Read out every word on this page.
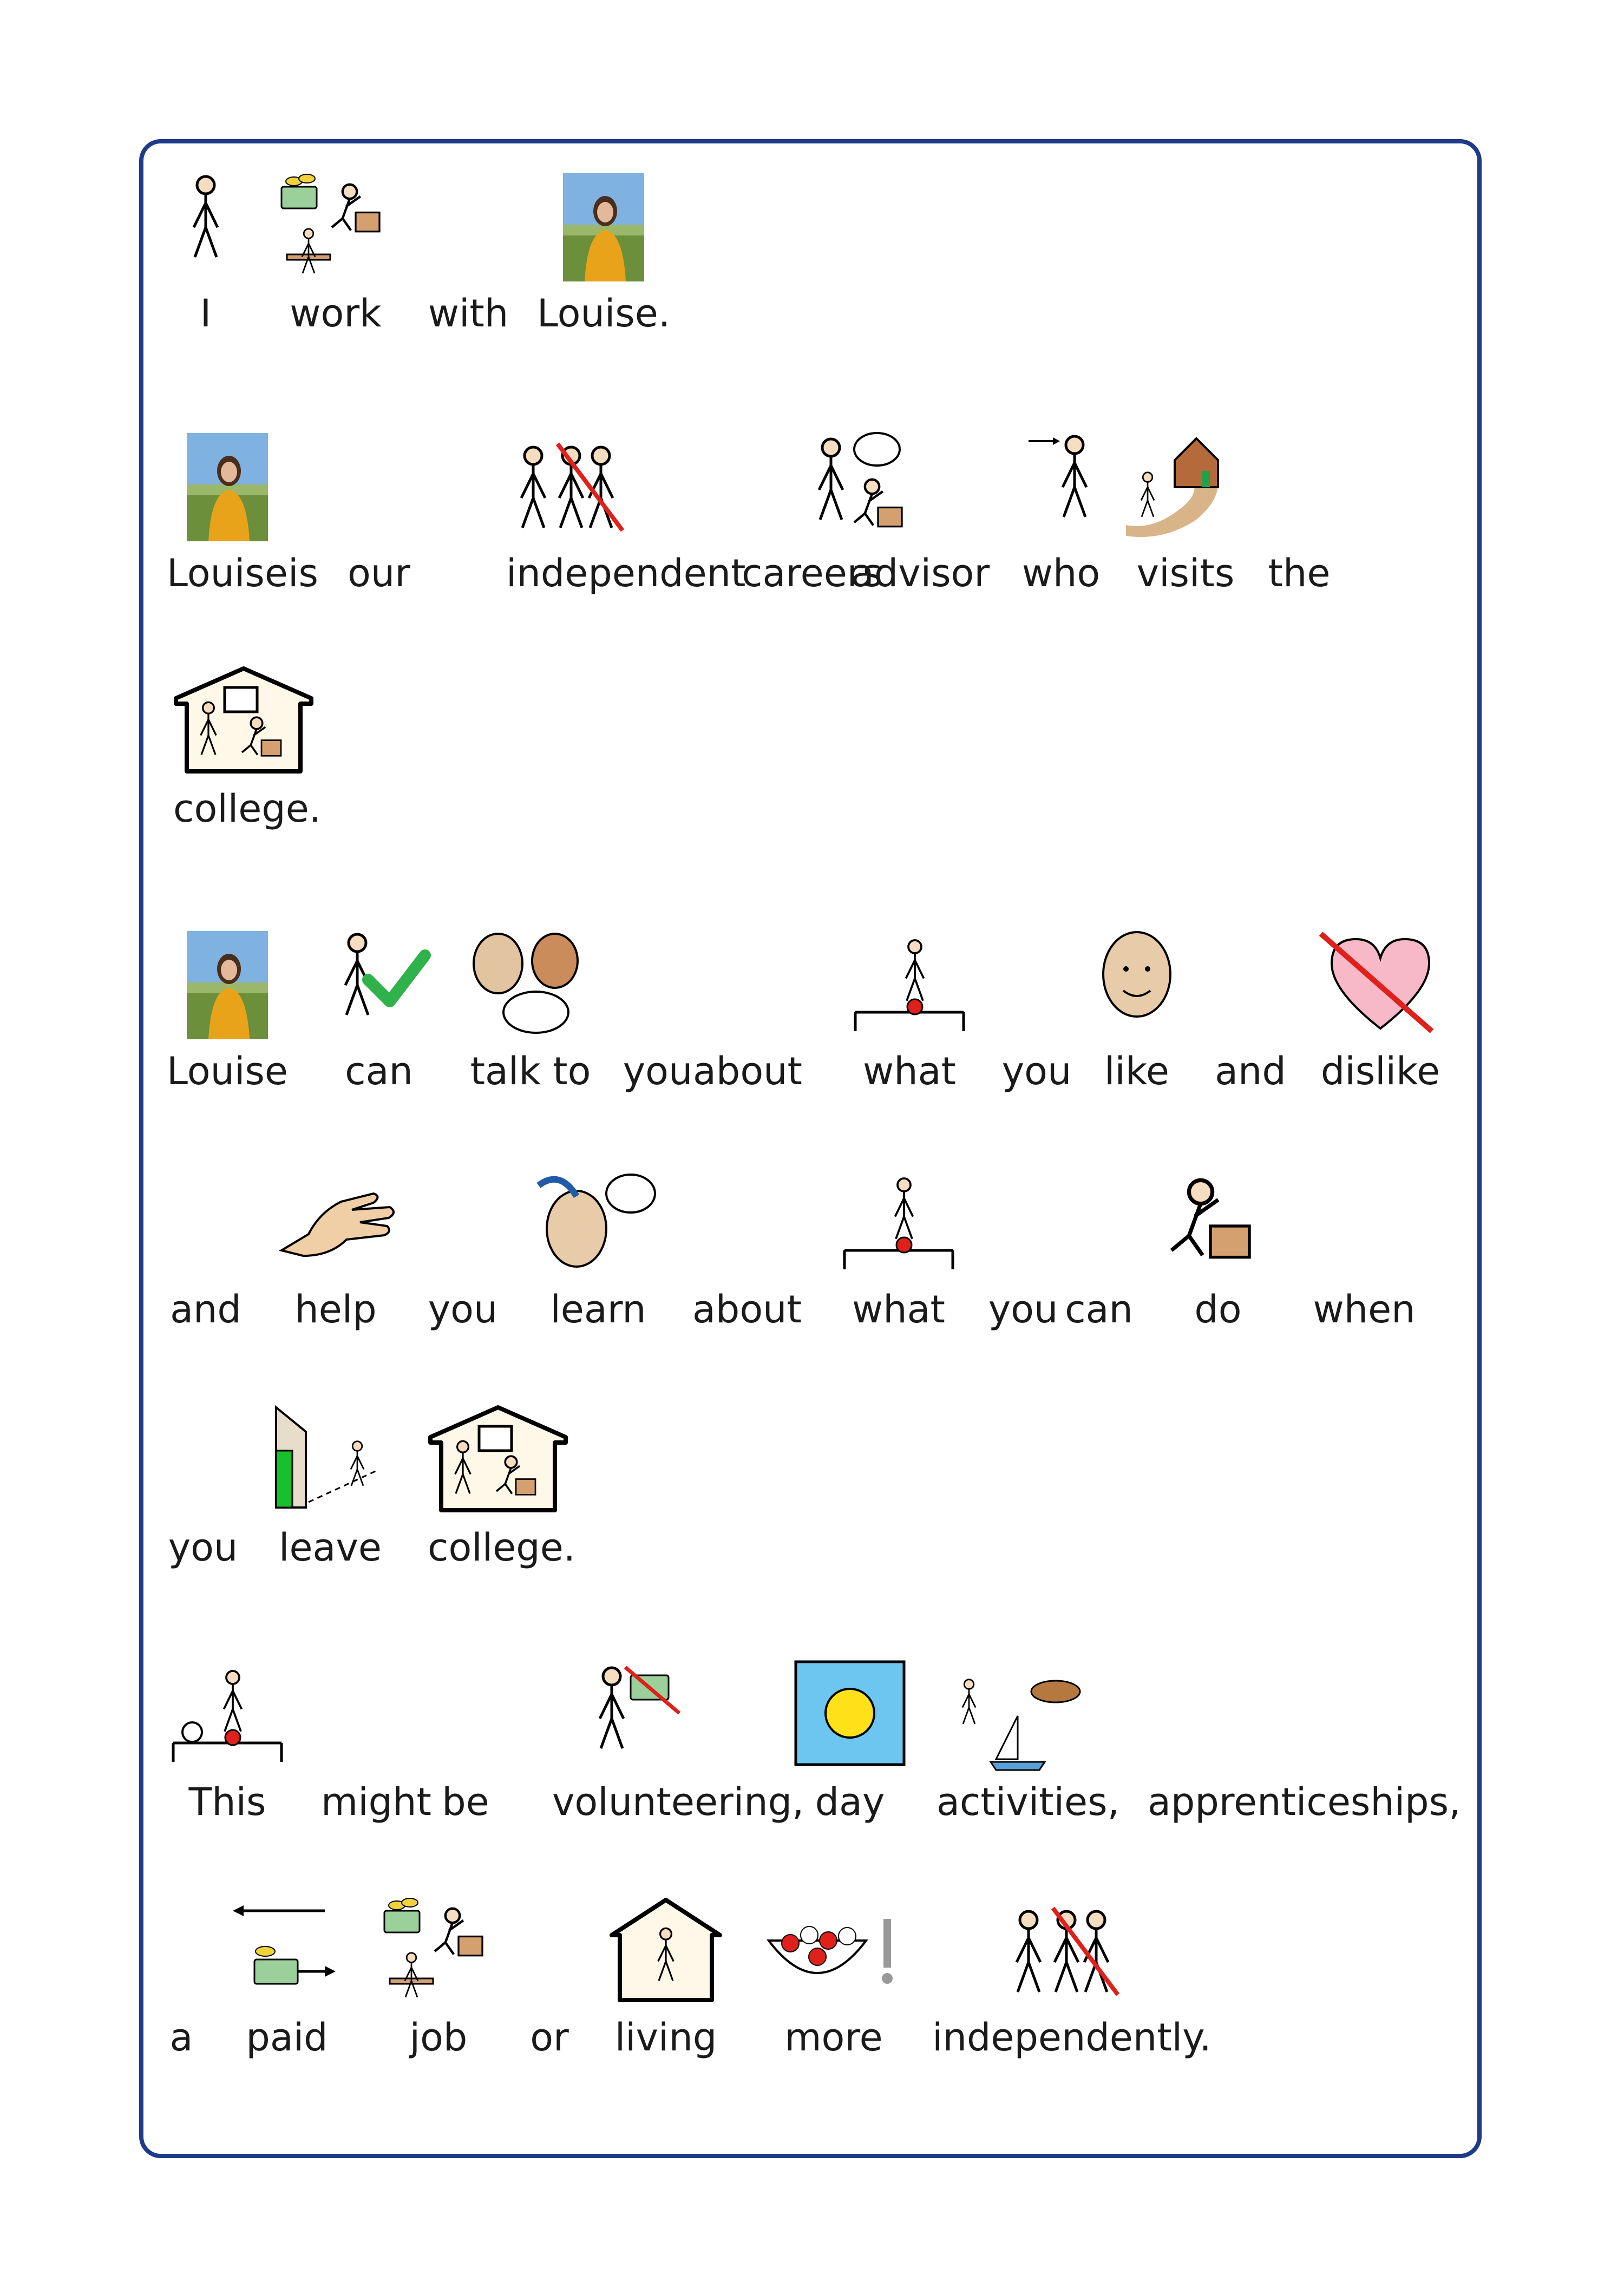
I	work	with Louise.
Louise is our	independent
careers
advisor who visits the
college.
Louise	can	talk to you about	what	you like	and dislike
and	help	you	learn	about	what	you can	do	when
you	leave	college.
This	might be	volunteering, day	activities, apprenticeships,
a	paid	job	or	living	more	independently.
